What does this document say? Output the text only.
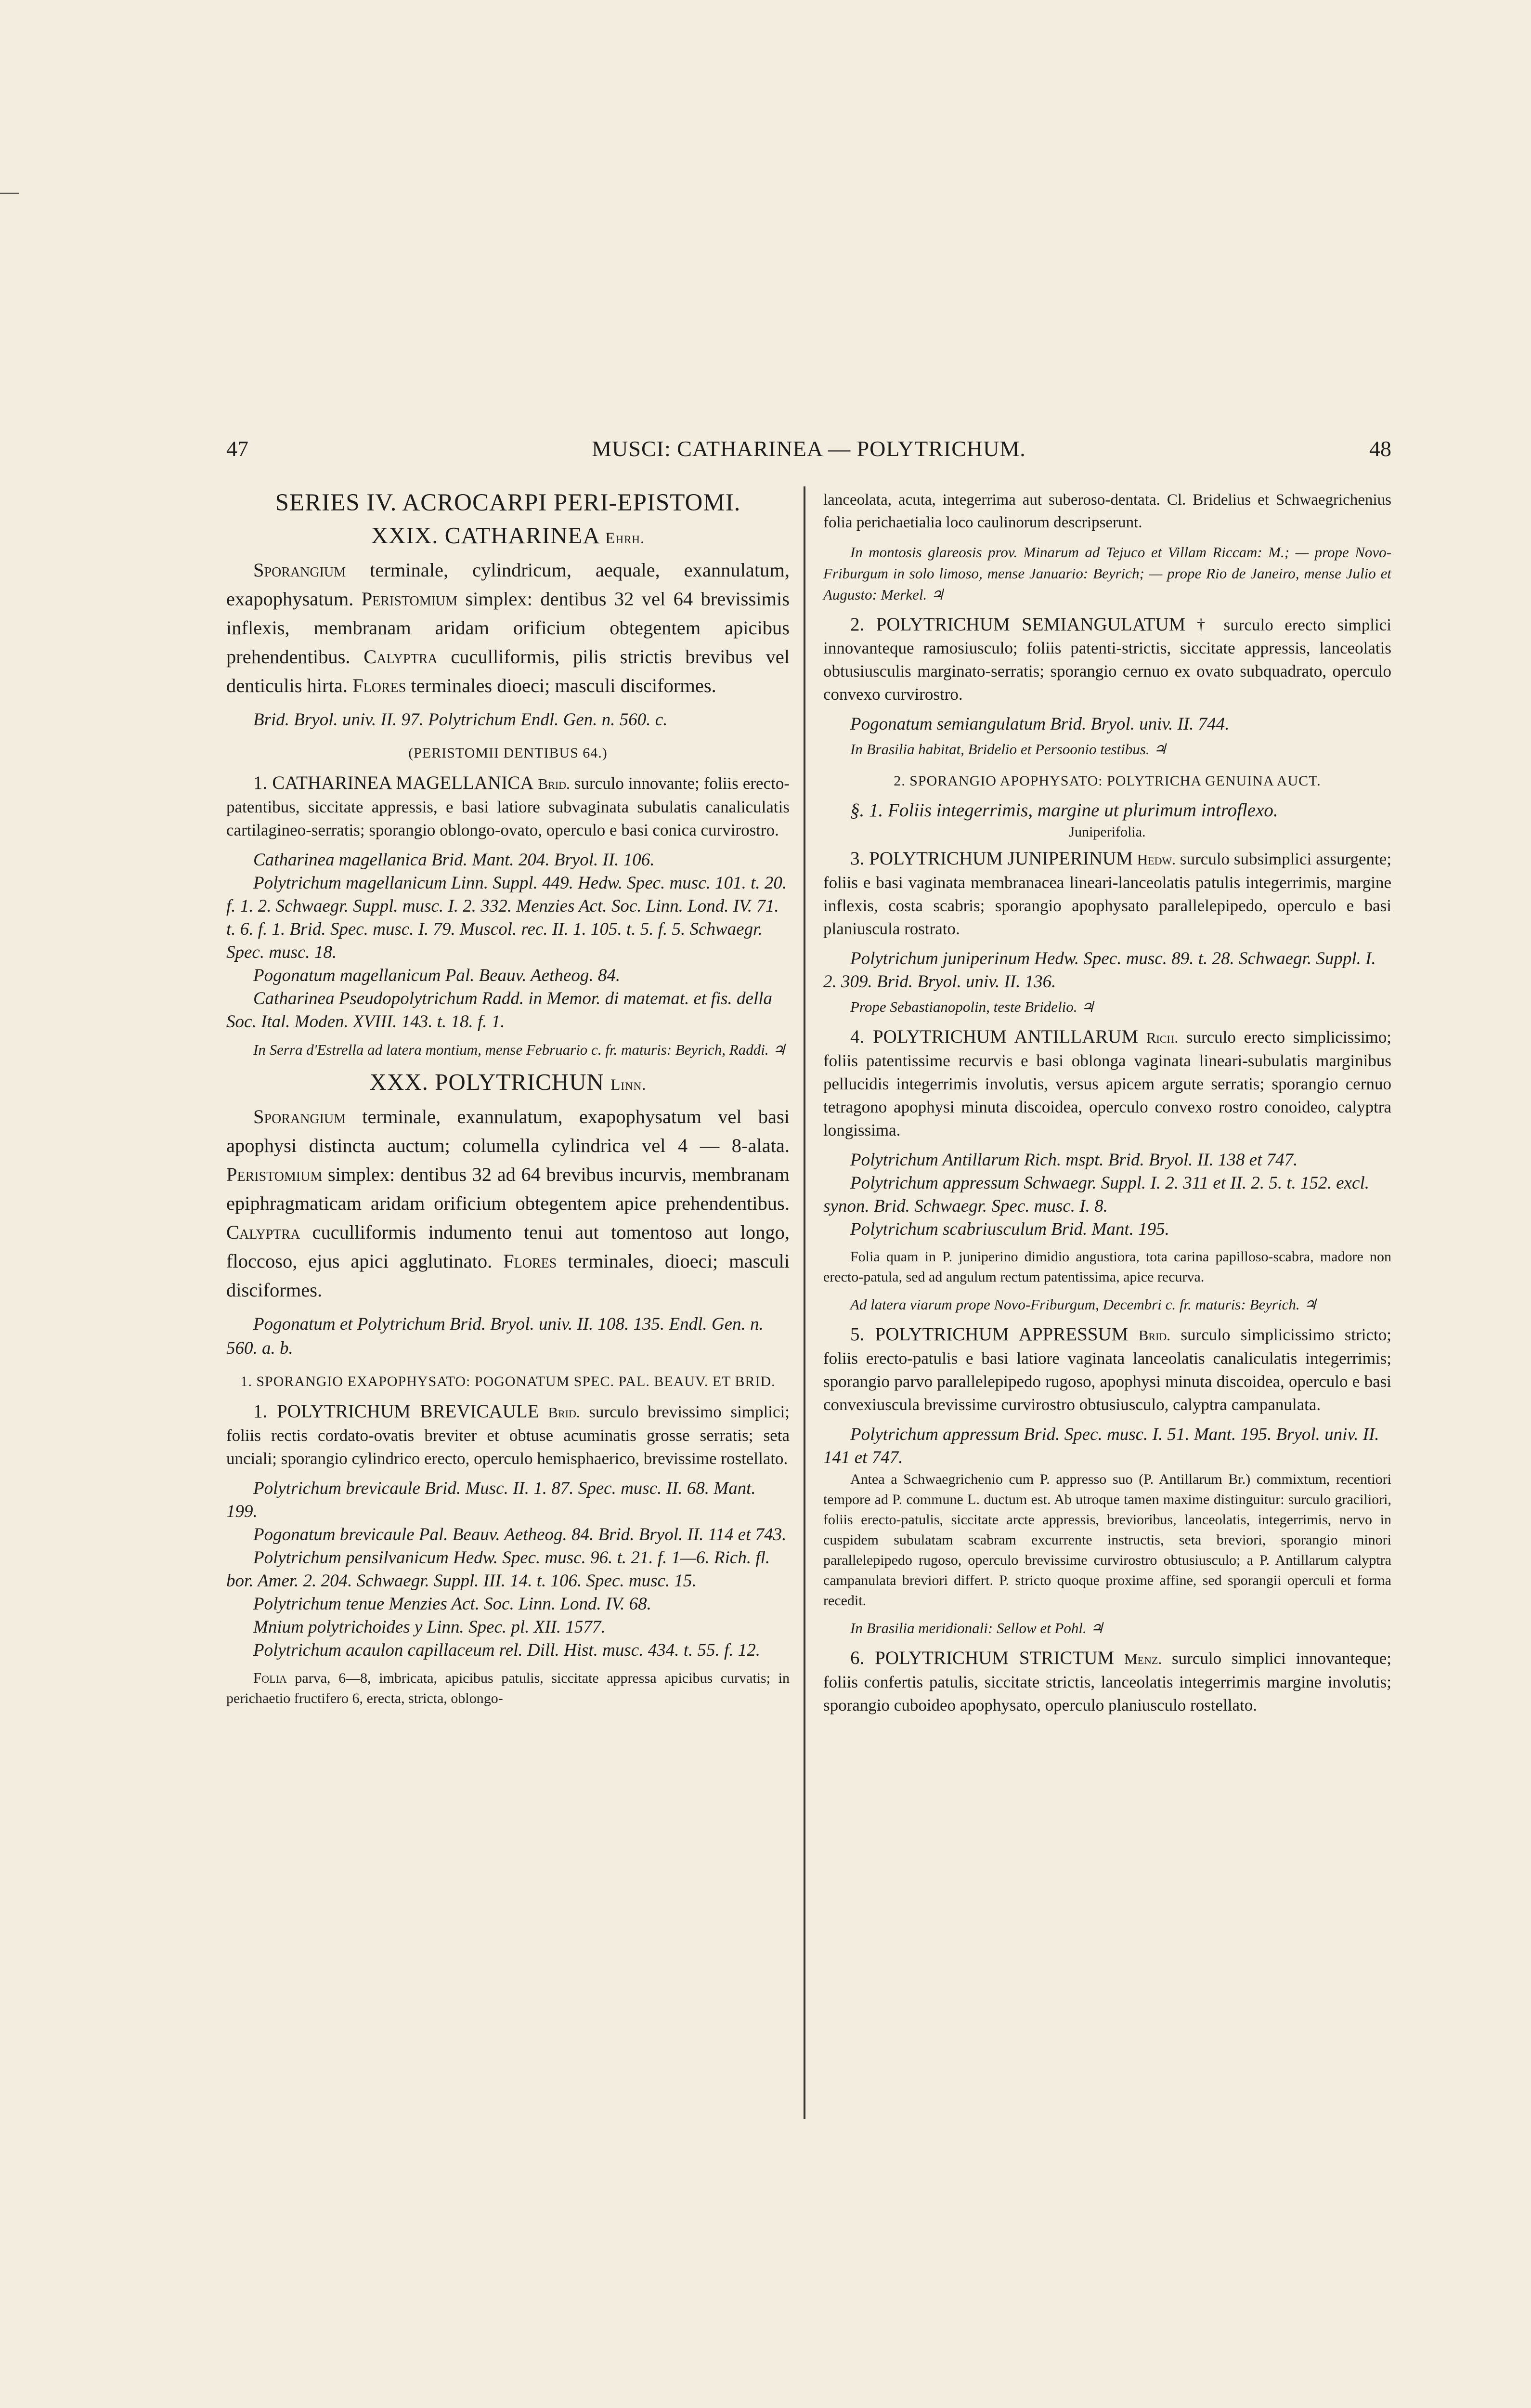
47	MUSCI: CATHARINEA — POLYTRICHUM.	48
SERIES IV. ACROCARPI PERI-EPISTOMI.
XXIX. CATHARINEA Ehrh.

Sporangium terminale, cylindricum, aequale, exannulatum, exapophysatum. Peristomium simplex: dentibus 32 vel 64 brevissimis inflexis, membranam aridam orificium obtegentem apicibus prehendentibus. Calyptra cuculliformis, pilis strictis brevibus vel denticulis hirta. Flores terminales dioeci; masculi disciformes.

Brid. Bryol. univ. II. 97. Polytrichum Endl. Gen. n. 560. c.

(PERISTOMII DENTIBUS 64.)

1. CATHARINEA MAGELLANICA Brid. surculo innovante; foliis erecto-patentibus, siccitate appressis, e basi latiore subvaginata subulatis canaliculatis cartilagineo-serratis; sporangio oblongo-ovato, operculo e basi conica curvirostro.

Catharinea magellanica Brid. Mant. 204. Bryol. II. 106.

Polytrichum magellanicum Linn. Suppl. 449. Hedw. Spec. musc. 101. t. 20. f. 1. 2. Schwaegr. Suppl. musc. I. 2. 332. Menzies Act. Soc. Linn. Lond. IV. 71. t. 6. f. 1. Brid. Spec. musc. I. 79. Muscol. rec. II. 1. 105. t. 5. f. 5. Schwaegr. Spec. musc. 18.

Pogonatum magellanicum Pal. Beauv. Aetheog. 84.

Catharinea Pseudopolytrichum Radd. in Memor. di matemat. et fis. della Soc. Ital. Moden. XVIII. 143. t. 18. f. 1.

In Serra d'Estrella ad latera montium, mense Februario c. fr. maturis: Beyrich, Raddi. ♃

XXX. POLYTRICHUN Linn.

Sporangium terminale, exannulatum, exapophysatum vel basi apophysi distincta auctum; columella cylindrica vel 4 — 8-alata. Peristomium simplex: dentibus 32 ad 64 brevibus incurvis, membranam epiphragmaticam aridam orificium obtegentem apice prehendentibus. Calyptra cuculliformis indumento tenui aut tomentoso aut longo, floccoso, ejus apici agglutinato. Flores terminales, dioeci; masculi disciformes.

Pogonatum et Polytrichum Brid. Bryol. univ. II. 108. 135. Endl. Gen. n. 560. a. b.

1. SPORANGIO EXAPOPHYSATO: POGONATUM SPEC. PAL. BEAUV. ET BRID.

1. POLYTRICHUM BREVICAULE Brid. surculo brevissimo simplici; foliis rectis cordato-ovatis breviter et obtuse acuminatis grosse serratis; seta unciali; sporangio cylindrico erecto, operculo hemisphaerico, brevissime rostellato.

Polytrichum brevicaule Brid. Musc. II. 1. 87. Spec. musc. II. 68. Mant. 199.

Pogonatum brevicaule Pal. Beauv. Aetheog. 84. Brid. Bryol. II. 114 et 743.

Polytrichum pensilvanicum Hedw. Spec. musc. 96. t. 21. f. 1—6. Rich. fl. bor. Amer. 2. 204. Schwaegr. Suppl. III. 14. t. 106. Spec. musc. 15.

Polytrichum tenue Menzies Act. Soc. Linn. Lond. IV. 68.

Mnium polytrichoides y Linn. Spec. pl. XII. 1577.

Polytrichum acaulon capillaceum rel. Dill. Hist. musc. 434. t. 55. f. 12.

Folia parva, 6—8, imbricata, apicibus patulis, siccitate appressa apicibus curvatis; in perichaetio fructifero 6, erecta, stricta, oblongo-

lanceolata, acuta, integerrima aut suberoso-dentata. Cl. Bridelius et Schwaegrichenius folia perichaetialia loco caulinorum descripserunt.

In montosis glareosis prov. Minarum ad Tejuco et Villam Riccam: M.; — prope Novo-Friburgum in solo limoso, mense Januario: Beyrich; — prope Rio de Janeiro, mense Julio et Augusto: Merkel. ♃

2. POLYTRICHUM SEMIANGULATUM † surculo erecto simplici innovanteque ramosiusculo; foliis patenti-strictis, siccitate appressis, lanceolatis obtusiusculis marginato-serratis; sporangio cernuo ex ovato subquadrato, operculo convexo curvirostro.

Pogonatum semiangulatum Brid. Bryol. univ. II. 744.

In Brasilia habitat, Bridelio et Persoonio testibus. ♃

2. SPORANGIO APOPHYSATO: POLYTRICHA GENUINA AUCT.
§. 1. Foliis integerrimis, margine ut plurimum introflexo.
Juniperifolia.

3. POLYTRICHUM JUNIPERINUM Hedw. surculo subsimplici assurgente; foliis e basi vaginata membranacea lineari-lanceolatis patulis integerrimis, margine inflexis, costa scabris; sporangio apophysato parallelepipedo, operculo e basi planiuscula rostrato.

Polytrichum juniperinum Hedw. Spec. musc. 89. t. 28. Schwaegr. Suppl. I. 2. 309. Brid. Bryol. univ. II. 136.

Prope Sebastianopolin, teste Bridelio. ♃

4. POLYTRICHUM ANTILLARUM Rich. surculo erecto simplicissimo; foliis patentissime recurvis e basi oblonga vaginata lineari-subulatis marginibus pellucidis integerrimis involutis, versus apicem argute serratis; sporangio cernuo tetragono apophysi minuta discoidea, operculo convexo rostro conoideo, calyptra longissima.

Polytrichum Antillarum Rich. mspt. Brid. Bryol. II. 138 et 747.

Polytrichum appressum Schwaegr. Suppl. I. 2. 311 et II. 2. 5. t. 152. excl. synon. Brid. Schwaegr. Spec. musc. I. 8.

Polytrichum scabriusculum Brid. Mant. 195.

Folia quam in P. juniperino dimidio angustiora, tota carina papilloso-scabra, madore non erecto-patula, sed ad angulum rectum patentissima, apice recurva.

Ad latera viarum prope Novo-Friburgum, Decembri c. fr. maturis: Beyrich. ♃

5. POLYTRICHUM APPRESSUM Brid. surculo simplicissimo stricto; foliis erecto-patulis e basi latiore vaginata lanceolatis canaliculatis integerrimis; sporangio parvo parallelepipedo rugoso, apophysi minuta discoidea, operculo e basi convexiuscula brevissime curvirostro obtusiusculo, calyptra campanulata.

Polytrichum appressum Brid. Spec. musc. I. 51. Mant. 195. Bryol. univ. II. 141 et 747.

Antea a Schwaegrichenio cum P. appresso suo (P. Antillarum Br.) commixtum, recentiori tempore ad P. commune L. ductum est. Ab utroque tamen maxime distinguitur: surculo graciliori, foliis erecto-patulis, siccitate arcte appressis, brevioribus, lanceolatis, integerrimis, nervo in cuspidem subulatam scabram excurrente instructis, seta breviori, sporangio minori parallelepipedo rugoso, operculo brevissime curvirostro obtusiusculo; a P. Antillarum calyptra campanulata breviori differt. P. stricto quoque proxime affine, sed sporangii operculi et forma recedit.

In Brasilia meridionali: Sellow et Pohl. ♃

6. POLYTRICHUM STRICTUM Menz. surculo simplici innovanteque; foliis confertis patulis, siccitate strictis, lanceolatis integerrimis margine involutis; sporangio cuboideo apophysato, operculo planiusculo rostellato.
